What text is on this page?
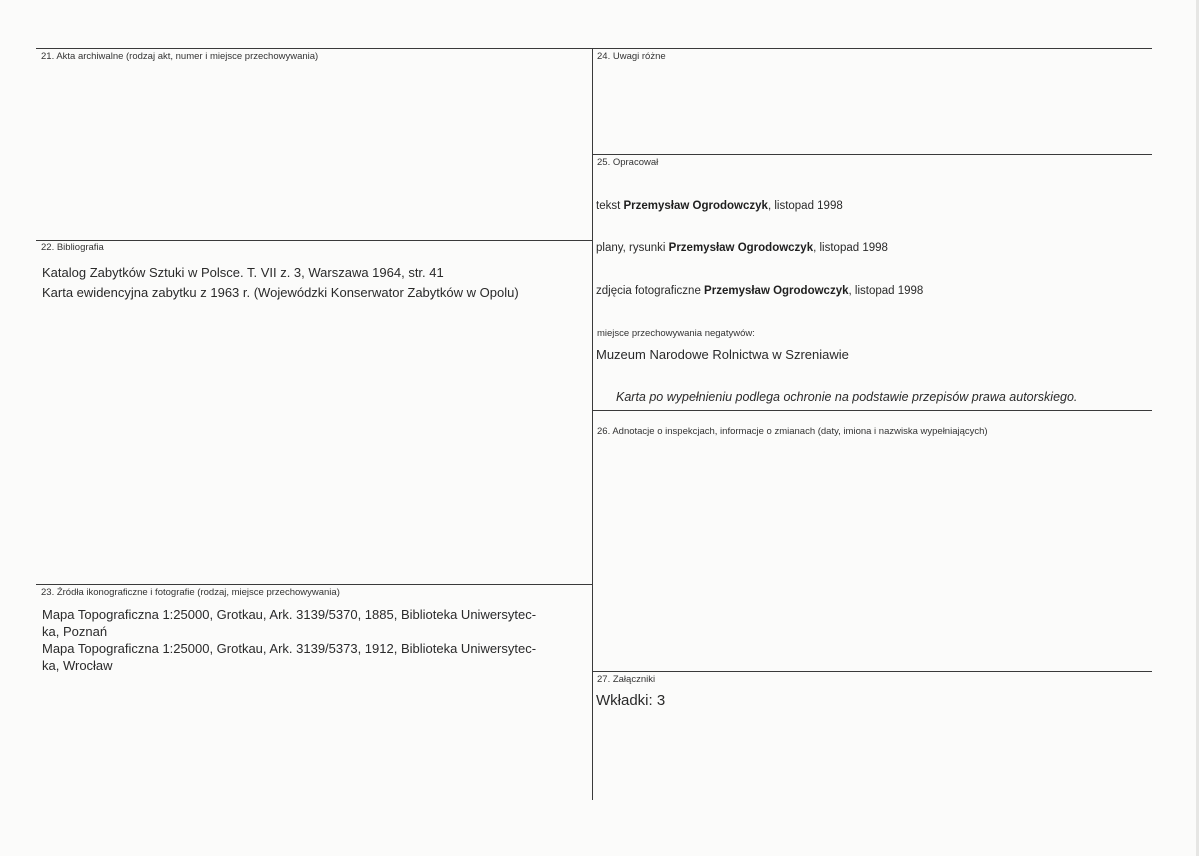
21. Akta archiwalne (rodzaj akt, numer i miejsce przechowywania)
22. Bibliografia
Katalog Zabytków Sztuki w Polsce. T. VII z. 3, Warszawa 1964, str. 41
Karta ewidencyjna zabytku z 1963 r. (Wojewódzki Konserwator Zabytków w Opolu)
23. Źródła ikonograficzne i fotografie (rodzaj, miejsce przechowywania)
Mapa Topograficzna 1:25000, Grotkau, Ark. 3139/5370, 1885, Biblioteka Uniwersytec-
ka, Poznań
Mapa Topograficzna 1:25000, Grotkau, Ark. 3139/5373, 1912, Biblioteka Uniwersytec-
ka, Wrocław
24. Uwagi różne
25. Opracował
tekst Przemysław Ogrodowczyk, listopad 1998
plany, rysunki Przemysław Ogrodowczyk, listopad 1998
zdjęcia fotograficzne Przemysław Ogrodowczyk, listopad 1998
miejsce przechowywania negatywów:
Muzeum Narodowe Rolnictwa w Szreniawie
Karta po wypełnieniu podlega ochronie na podstawie przepisów prawa autorskiego.
26. Adnotacje o inspekcjach, informacje o zmianach (daty, imiona i nazwiska wypełniających)
27. Załączniki
Wkładki: 3
